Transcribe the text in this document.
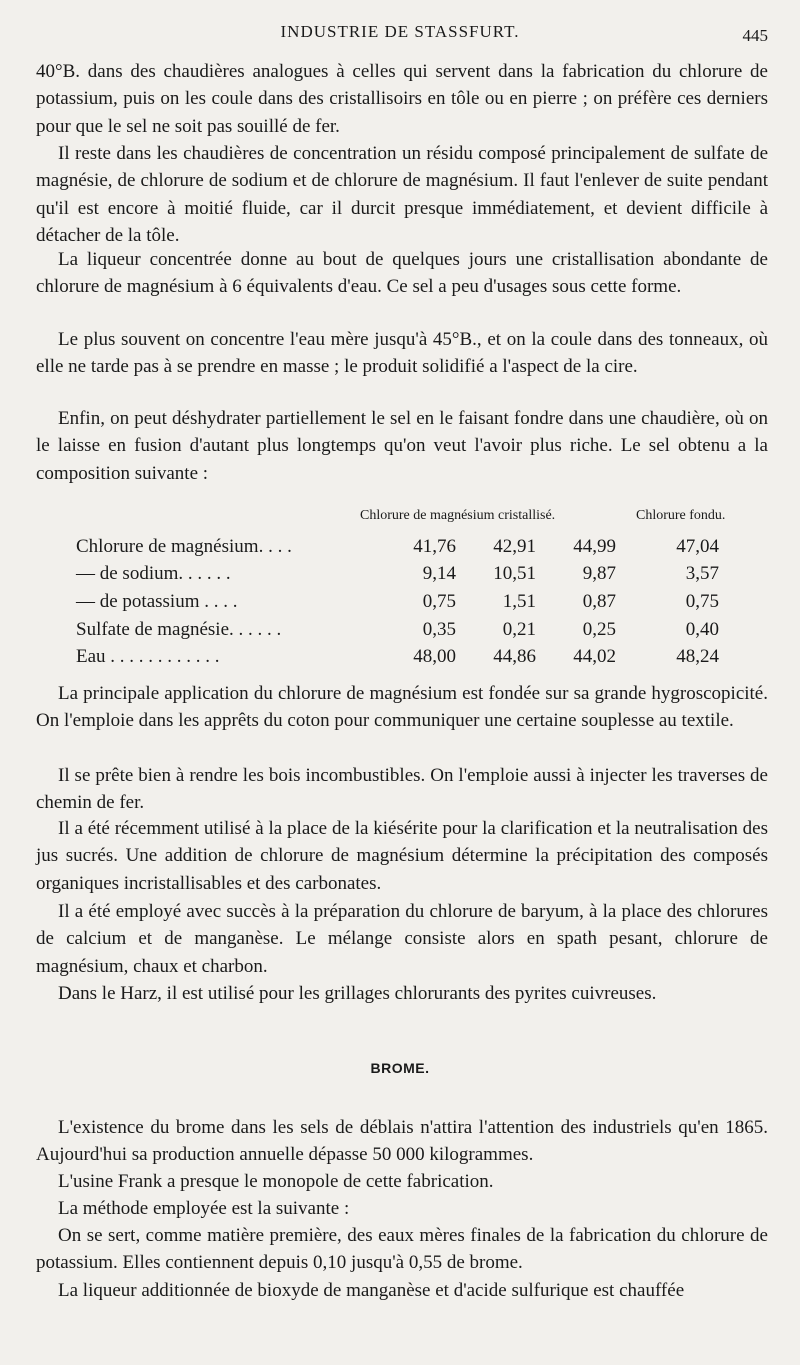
INDUSTRIE DE STASSFURT.	445

40°B. dans des chaudières analogues à celles qui servent dans la fabrication du chlorure de potassium, puis on les coule dans des cristallisoirs en tôle ou en pierre ; on préfère ces derniers pour que le sel ne soit pas souillé de fer.

Il reste dans les chaudières de concentration un résidu composé principalement de sulfate de magnésie, de chlorure de sodium et de chlorure de magnésium. Il faut l'enlever de suite pendant qu'il est encore à moitié fluide, car il durcit presque immédiatement, et devient difficile à détacher de la tôle.

La liqueur concentrée donne au bout de quelques jours une cristallisation abondante de chlorure de magnésium à 6 équivalents d'eau. Ce sel a peu d'usages sous cette forme.

Le plus souvent on concentre l'eau mère jusqu'à 45°B., et on la coule dans des tonneaux, où elle ne tarde pas à se prendre en masse ; le produit solidifié a l'aspect de la cire.

Enfin, on peut déshydrater partiellement le sel en le faisant fondre dans une chaudière, où on le laisse en fusion d'autant plus longtemps qu'on veut l'avoir plus riche. Le sel obtenu a la composition suivante :

Chlorure de magnésium cristallisé.	Chlorure fondu.
Chlorure de magnésium. . . .	41,76	42,91	44,99	47,04
— de sodium. . . . . .	9,14	10,51	9,87	3,57
— de potassium . . . .	0,75	1,51	0,87	0,75
Sulfate de magnésie. . . . . .	0,35	0,21	0,25	0,40
Eau . . . . . . . . . . . .	48,00	44,86	44,02	48,24

La principale application du chlorure de magnésium est fondée sur sa grande hygroscopicité. On l'emploie dans les apprêts du coton pour communiquer une certaine souplesse au textile.

Il se prête bien à rendre les bois incombustibles. On l'emploie aussi à injecter les traverses de chemin de fer.

Il a été récemment utilisé à la place de la kiésérite pour la clarification et la neutralisation des jus sucrés. Une addition de chlorure de magnésium détermine la précipitation des composés organiques incristallisables et des carbonates.

Il a été employé avec succès à la préparation du chlorure de baryum, à la place des chlorures de calcium et de manganèse. Le mélange consiste alors en spath pesant, chlorure de magnésium, chaux et charbon.

Dans le Harz, il est utilisé pour les grillages chlorurants des pyrites cuivreuses.

BROME.

L'existence du brome dans les sels de déblais n'attira l'attention des industriels qu'en 1865. Aujourd'hui sa production annuelle dépasse 50 000 kilogrammes.

L'usine Frank a presque le monopole de cette fabrication.

La méthode employée est la suivante :

On se sert, comme matière première, des eaux mères finales de la fabrication du chlorure de potassium. Elles contiennent depuis 0,10 jusqu'à 0,55 de brome.

La liqueur additionnée de bioxyde de manganèse et d'acide sulfurique est chauffée
